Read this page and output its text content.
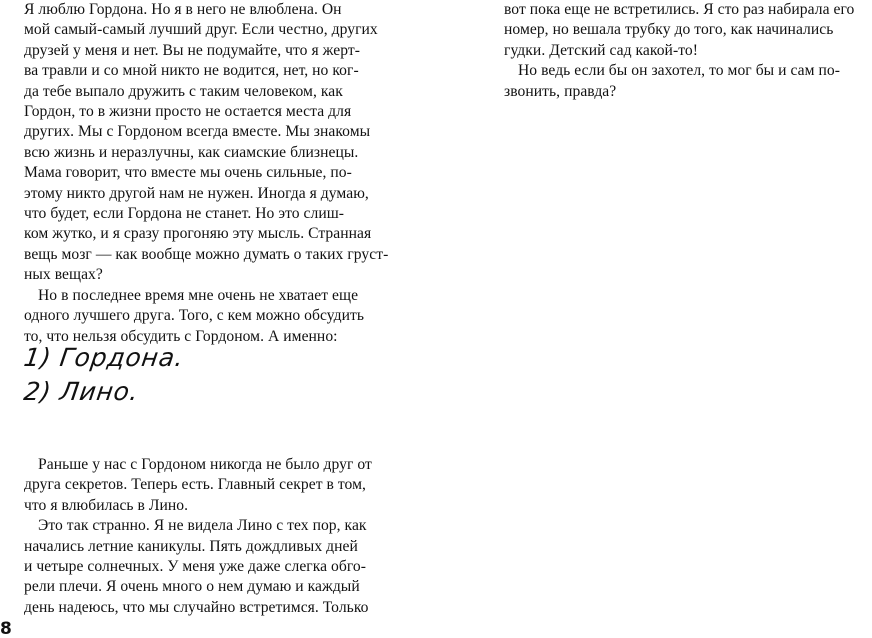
Я люблю Гордона. Но я в него не влюблена. Он
мой самый-самый лучший друг. Если честно, других
друзей у меня и нет. Вы не подумайте, что я жерт-
ва травли и со мной никто не водится, нет, но ког-
да тебе выпало дружить с таким человеком, как
Гордон, то в жизни просто не остается места для
других. Мы с Гордоном всегда вместе. Мы знакомы
всю жизнь и неразлучны, как сиамские близнецы.
Мама говорит, что вместе мы очень сильные, по-
этому никто другой нам не нужен. Иногда я думаю,
что будет, если Гордона не станет. Но это слиш-
ком жутко, и я сразу прогоняю эту мысль. Странная
вещь мозг — как вообще можно думать о таких груст-
ных вещах?
Но в последнее время мне очень не хватает еще
одного лучшего друга. Того, с кем можно обсудить
то, что нельзя обсудить с Гордоном. А именно:
Раньше у нас с Гордоном никогда не было друг от
друга секретов. Теперь есть. Главный секрет в том,
что я влюбилась в Лино.
Это так странно. Я не видела Лино с тех пор, как
начались летние каникулы. Пять дождливых дней
и четыре солнечных. У меня уже даже слегка обго-
рели плечи. Я очень много о нем думаю и каждый
день надеюсь, что мы случайно встретимся. Только
1) Гордона.
2) Лино.
вот пока еще не встретились. Я сто раз набирала его
номер, но вешала трубку до того, как начинались
гудки. Детский сад какой-то!
Но ведь если бы он захотел, то мог бы и сам по-
звонить, правда?
8
